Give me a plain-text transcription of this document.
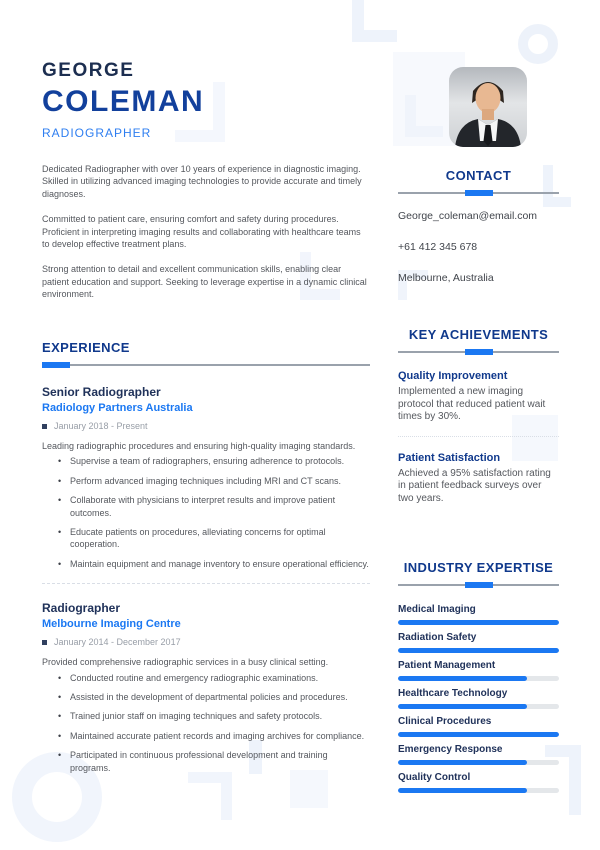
GEORGE
COLEMAN
RADIOGRAPHER

Dedicated Radiographer with over 10 years of experience in diagnostic imaging. Skilled in utilizing advanced imaging technologies to provide accurate and timely diagnoses.

Committed to patient care, ensuring comfort and safety during procedures. Proficient in interpreting imaging results and collaborating with healthcare teams to develop effective treatment plans.

Strong attention to detail and excellent communication skills, enabling clear patient education and support. Seeking to leverage expertise in a dynamic clinical environment.

EXPERIENCE
Senior Radiographer
Radiology Partners Australia
January 2018 - Present

Leading radiographic procedures and ensuring high-quality imaging standards.

• Supervise a team of radiographers, ensuring adherence to protocols.
• Perform advanced imaging techniques including MRI and CT scans.
• Collaborate with physicians to interpret results and improve patient outcomes.
• Educate patients on procedures, alleviating concerns for optimal cooperation.
• Maintain equipment and manage inventory to ensure operational efficiency.
Radiographer
Melbourne Imaging Centre
January 2014 - December 2017

Provided comprehensive radiographic services in a busy clinical setting.

• Conducted routine and emergency radiographic examinations.
• Assisted in the development of departmental policies and procedures.
• Trained junior staff on imaging techniques and safety protocols.
• Maintained accurate patient records and imaging archives for compliance.
• Participated in continuous professional development and training programs.
CONTACT
George_coleman@email.com
+61 412 345 678
Melbourne, Australia
KEY ACHIEVEMENTS
Quality Improvement

Implemented a new imaging protocol that reduced patient wait times by 30%.

Patient Satisfaction

Achieved a 95% satisfaction rating in patient feedback surveys over two years.

INDUSTRY EXPERTISE
Medical Imaging
Radiation Safety
Patient Management
Healthcare Technology
Clinical Procedures
Emergency Response
Quality Control
